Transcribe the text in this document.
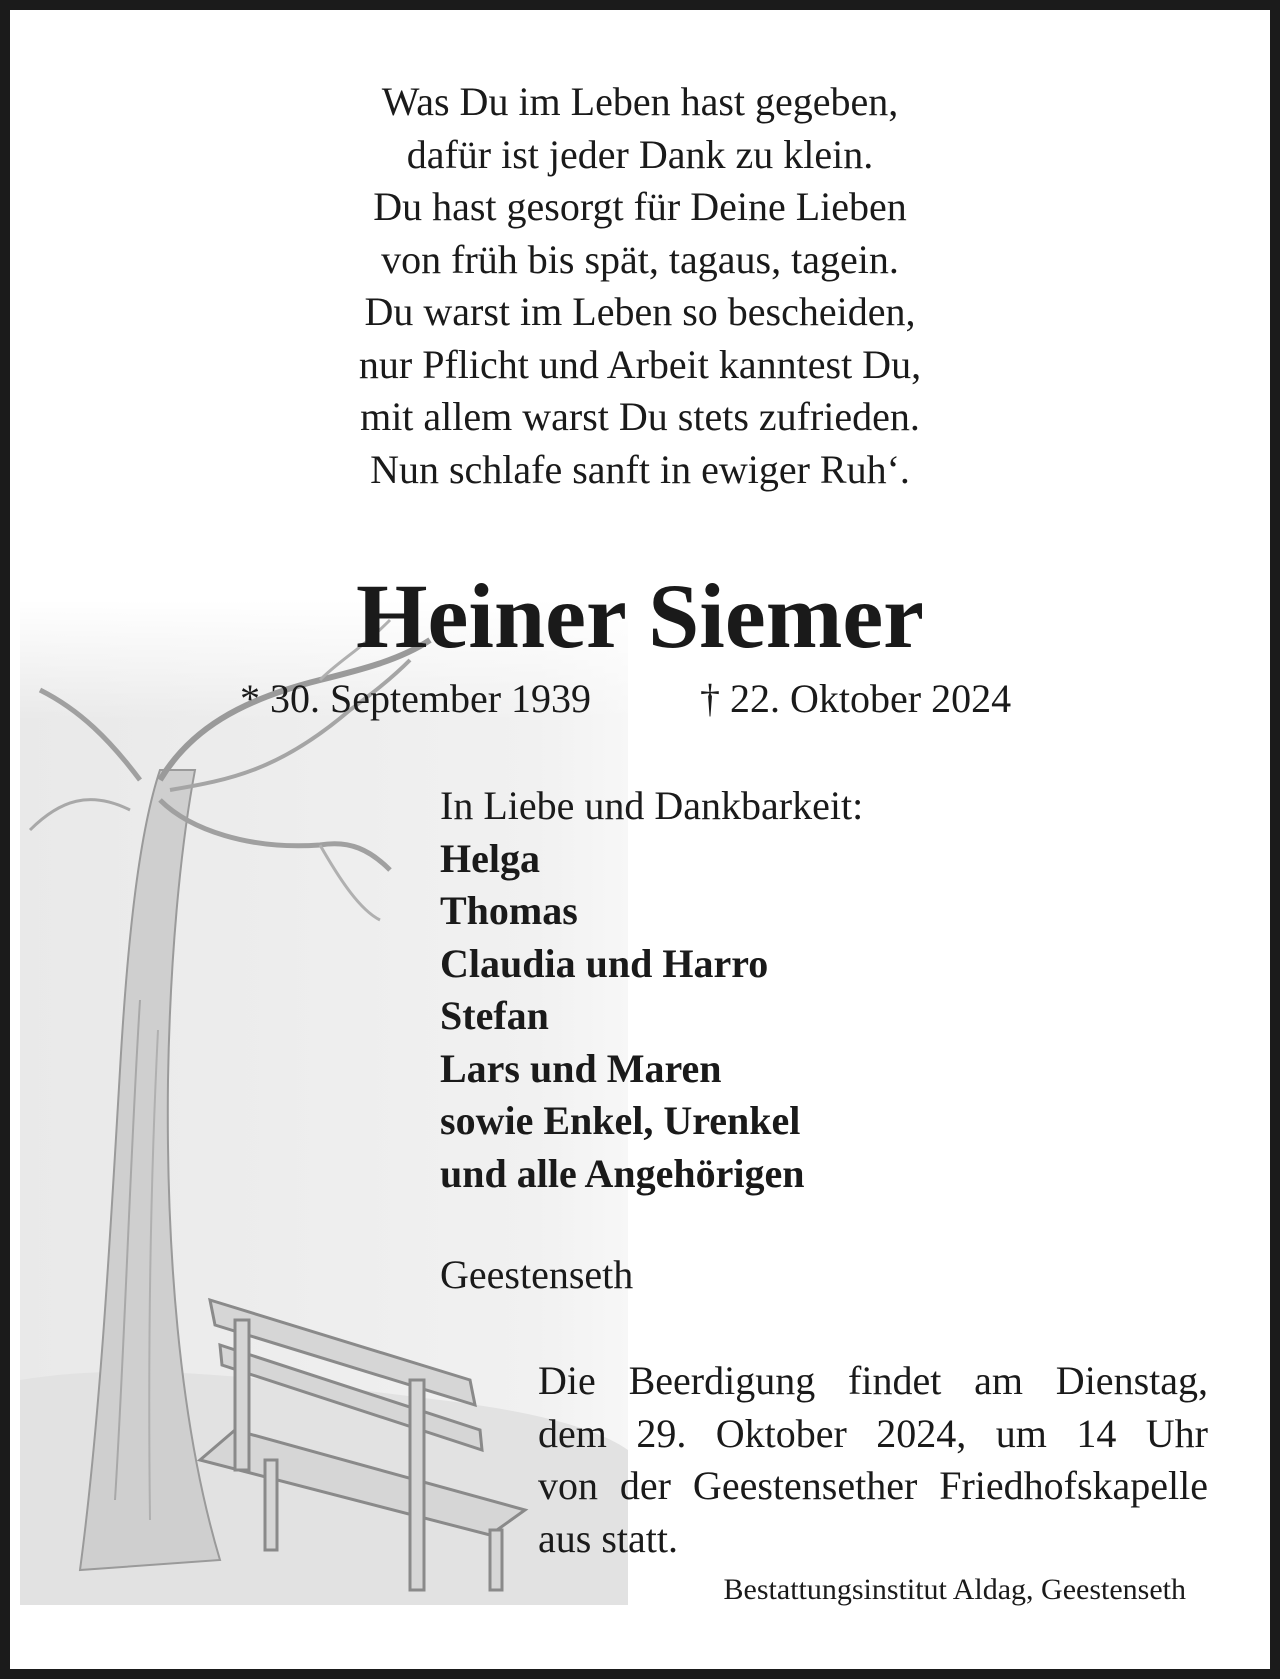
Was Du im Leben hast gegeben,
dafür ist jeder Dank zu klein.
Du hast gesorgt für Deine Lieben
von früh bis spät, tagaus, tagein.
Du warst im Leben so bescheiden,
nur Pflicht und Arbeit kanntest Du,
mit allem warst Du stets zufrieden.
Nun schlafe sanft in ewiger Ruh‘.
Heiner Siemer
* 30. September 1939	† 22. Oktober 2024
In Liebe und Dankbarkeit:
Helga
Thomas
Claudia und Harro
Stefan
Lars und Maren
sowie Enkel, Urenkel
und alle Angehörigen
Geestenseth
Die Beerdigung findet am Dienstag,
dem 29. Oktober 2024, um 14 Uhr
von der Geestensether Friedhofskapelle
aus statt.
Bestattungsinstitut Aldag, Geestenseth
